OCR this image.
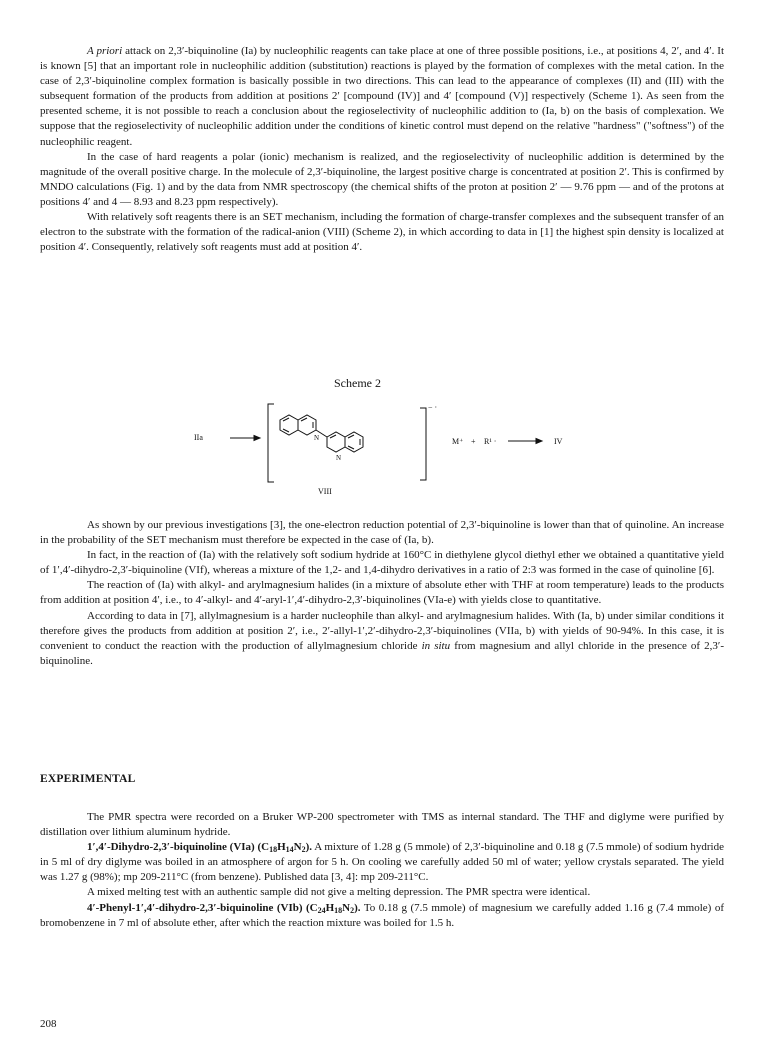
A priori attack on 2,3′-biquinoline (Ia) by nucleophilic reagents can take place at one of three possible positions, i.e., at positions 4, 2′, and 4′. It is known [5] that an important role in nucleophilic addition (substitution) reactions is played by the formation of complexes with the metal cation. In the case of 2,3′-biquinoline complex formation is basically possible in two directions. This can lead to the appearance of complexes (II) and (III) with the subsequent formation of the products from addition at positions 2′ [compound (IV)] and 4′ [compound (V)] respectively (Scheme 1). As seen from the presented scheme, it is not possible to reach a conclusion about the regioselectivity of nucleophilic addition to (Ia, b) on the basis of complexation. We suppose that the regioselectivity of nucleophilic addition under the conditions of kinetic control must depend on the relative "hardness" ("softness") of the nucleophilic reagent.

In the case of hard reagents a polar (ionic) mechanism is realized, and the regioselectivity of nucleophilic addition is determined by the magnitude of the overall positive charge. In the molecule of 2,3′-biquinoline, the largest positive charge is concentrated at position 2′. This is confirmed by MNDO calculations (Fig. 1) and by the data from NMR spectroscopy (the chemical shifts of the proton at position 2′ — 9.76 ppm — and of the protons at positions 4′ and 4 — 8.93 and 8.23 ppm respectively).

With relatively soft reagents there is an SET mechanism, including the formation of charge-transfer complexes and the subsequent transfer of an electron to the substrate with the formation of the radical-anion (VIII) (Scheme 2), in which according to data in [1] the highest spin density is localized at position 4′. Consequently, relatively soft reagents must add at position 4′.

Scheme 2
IIa	N
N
− ·
VIII
M⁺ + R¹ ·	IV

As shown by our previous investigations [3], the one-electron reduction potential of 2,3′-biquinoline is lower than that of quinoline. An increase in the probability of the SET mechanism must therefore be expected in the case of (Ia, b).

In fact, in the reaction of (Ia) with the relatively soft sodium hydride at 160°C in diethylene glycol diethyl ether we obtained a quantitative yield of 1′,4′-dihydro-2,3′-biquinoline (VIf), whereas a mixture of the 1,2- and 1,4-dihydro derivatives in a ratio of 2:3 was formed in the case of quinoline [6].

The reaction of (Ia) with alkyl- and arylmagnesium halides (in a mixture of absolute ether with THF at room temperature) leads to the products from addition at position 4′, i.e., to 4′-alkyl- and 4′-aryl-1′,4′-dihydro-2,3′-biquinolines (VIa-e) with yields close to quantitative.

According to data in [7], allylmagnesium is a harder nucleophile than alkyl- and arylmagnesium halides. With (Ia, b) under similar conditions it therefore gives the products from addition at position 2′, i.e., 2′-allyl-1′,2′-dihydro-2,3′-biquinolines (VIIa, b) with yields of 90-94%. In this case, it is convenient to conduct the reaction with the production of allylmagnesium chloride in situ from magnesium and allyl chloride in the presence of 2,3′-biquinoline.

EXPERIMENTAL

The PMR spectra were recorded on a Bruker WP-200 spectrometer with TMS as internal standard. The THF and diglyme were purified by distillation over lithium aluminum hydride.

1′,4′-Dihydro-2,3′-biquinoline (VIa) $(C_{18}H_{14}N_2)$. A mixture of 1.28 g (5 mmole) of 2,3′-biquinoline and 0.18 g (7.5 mmole) of sodium hydride in 5 ml of dry diglyme was boiled in an atmosphere of argon for 5 h. On cooling we carefully added 50 ml of water; yellow crystals separated. The yield was 1.27 g (98%); mp 209-211°C (from benzene). Published data [3, 4]: mp 209-211°C.

A mixed melting test with an authentic sample did not give a melting depression. The PMR spectra were identical.

4′-Phenyl-1′,4′-dihydro-2,3′-biquinoline (VIb) $(C_{24}H_{18}N_2)$. To 0.18 g (7.5 mmole) of magnesium we carefully added 1.16 g (7.4 mmole) of bromobenzene in 7 ml of absolute ether, after which the reaction mixture was boiled for 1.5 h.

208
